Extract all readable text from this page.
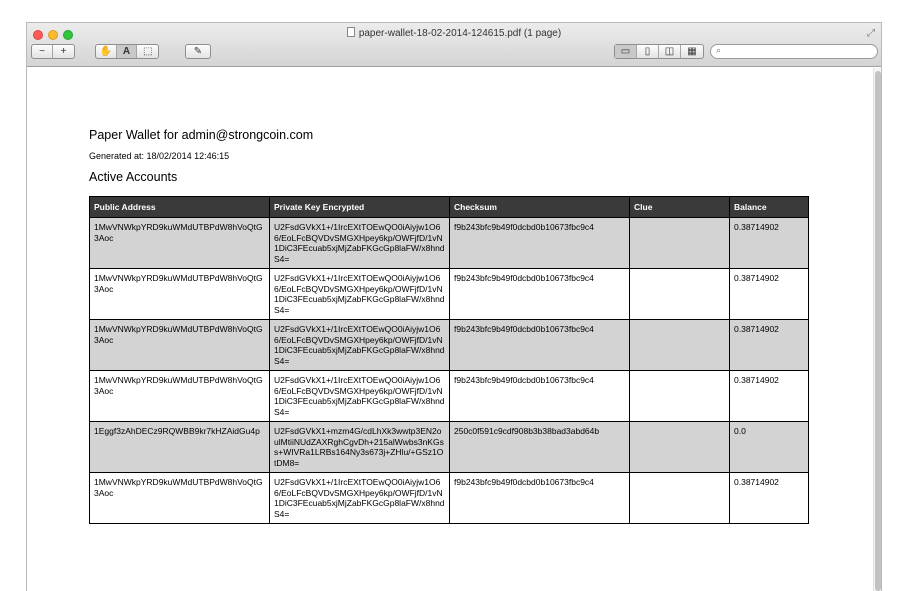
paper-wallet-18-02-2014-124615.pdf (1 page)	⤢
− +	✋ A ⬚	✎	▭ ▯ ◫ ▦ ⌕
Paper Wallet for admin@strongcoin.com
Generated at: 18/02/2014 12:46:15
Active Accounts
Public Address	Private Key Encrypted	Checksum	Clue	Balance
1MwVNWkpYRD9kuWMdUTBPdW8hVoQtG3Aoc	U2FsdGVkX1+/1IrcEXtTOEwQO0iAiyjw1O66/EoLFcBQVDvSMGXHpey6kp/OWFjfD/1vN1DiC3FEcuab5xjMjZabFKGcGp8laFW/x8hndS4=	f9b243bfc9b49f0dcbd0b10673fbc9c4		0.38714902
1MwVNWkpYRD9kuWMdUTBPdW8hVoQtG3Aoc	U2FsdGVkX1+/1IrcEXtTOEwQO0iAiyjw1O66/EoLFcBQVDvSMGXHpey6kp/OWFjfD/1vN1DiC3FEcuab5xjMjZabFKGcGp8laFW/x8hndS4=	f9b243bfc9b49f0dcbd0b10673fbc9c4		0.38714902
1MwVNWkpYRD9kuWMdUTBPdW8hVoQtG3Aoc	U2FsdGVkX1+/1IrcEXtTOEwQO0iAiyjw1O66/EoLFcBQVDvSMGXHpey6kp/OWFjfD/1vN1DiC3FEcuab5xjMjZabFKGcGp8laFW/x8hndS4=	f9b243bfc9b49f0dcbd0b10673fbc9c4		0.38714902
1MwVNWkpYRD9kuWMdUTBPdW8hVoQtG3Aoc	U2FsdGVkX1+/1IrcEXtTOEwQO0iAiyjw1O66/EoLFcBQVDvSMGXHpey6kp/OWFjfD/1vN1DiC3FEcuab5xjMjZabFKGcGp8laFW/x8hndS4=	f9b243bfc9b49f0dcbd0b10673fbc9c4		0.38714902
1Eggf3zAhDECz9RQWBB9kr7kHZAidGu4p	U2FsdGVkX1+mzm4G/cdLhXk3wwtp3EN2oulMtiiNUdZAXRghCgvDh+215alWwbs3nKGss+WIVRa1LRBs164Ny3s673j+ZHlu/+GSz1OtDM8=	250c0f591c9cdf908b3b38bad3abd64b		0.0
1MwVNWkpYRD9kuWMdUTBPdW8hVoQtG3Aoc	U2FsdGVkX1+/1IrcEXtTOEwQO0iAiyjw1O66/EoLFcBQVDvSMGXHpey6kp/OWFjfD/1vN1DiC3FEcuab5xjMjZabFKGcGp8laFW/x8hndS4=	f9b243bfc9b49f0dcbd0b10673fbc9c4		0.38714902
